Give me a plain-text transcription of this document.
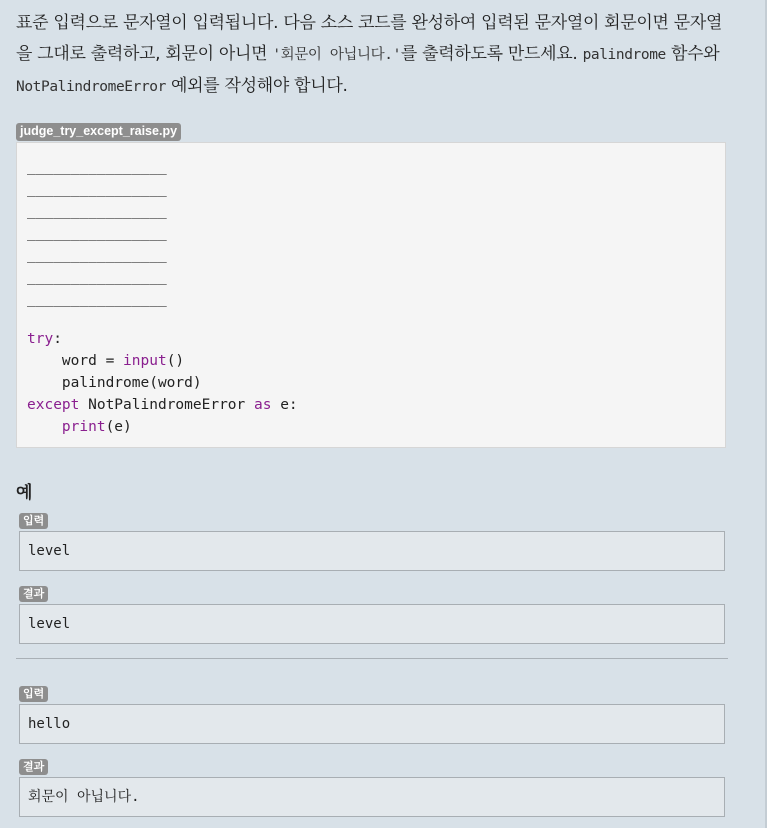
표준 입력으로 문자열이 입력됩니다. 다음 소스 코드를 완성하여 입력된 문자열이 회문이면 문자열을 그대로 출력하고, 회문이 아니면 '회문이 아닙니다.'를 출력하도록 만드세요. palindrome 함수와 NotPalindromeError 예외를 작성해야 합니다.

judge_try_except_raise.py
________________
________________
________________
________________
________________
________________
________________
try:
word = input()
palindrome(word)
except NotPalindromeError as e:
print(e)
예
입력
level
결과
level
입력
hello
결과
회문이 아닙니다.
